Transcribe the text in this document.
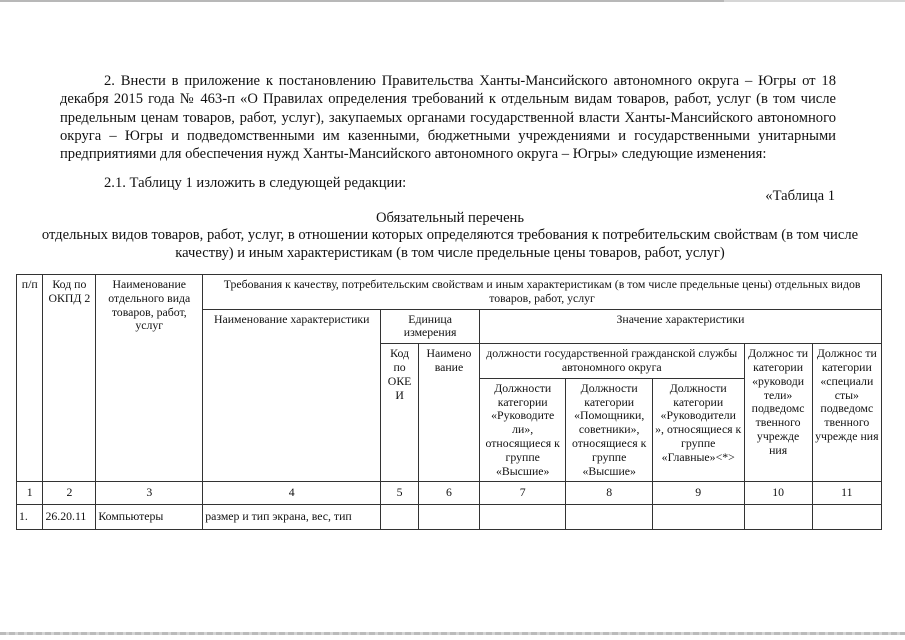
2. Внести в приложение к постановлению Правительства Ханты-Мансийского автономного округа – Югры от 18 декабря 2015 года № 463-п «О Правилах определения требований к отдельным видам товаров, работ, услуг (в том числе предельным ценам товаров, работ, услуг), закупаемых органами государственной власти Ханты-Мансийского автономного округа – Югры и подведомственными им казенными, бюджетными учреждениями и государственными унитарными предприятиями для обеспечения нужд Ханты-Мансийского автономного округа – Югры» следующие изменения:
2.1. Таблицу 1 изложить в следующей редакции:
«Таблица 1
Обязательный перечень
отдельных видов товаров, работ, услуг, в отношении которых определяются требования к потребительским свойствам (в том числе качеству) и иным характеристикам (в том числе предельные цены товаров, работ, услуг)
п/п	Код по ОКПД 2	Наименование отдельного вида товаров, работ, услуг	Требования к качеству, потребительским свойствам и иным характеристикам (в том числе предельные цены) отдельных видов товаров, работ, услуг							
			Наименование характеристики	Единица измерения		Значение характеристики				
				Код по ОКЕ И	Наимено вание	должности государственной гражданской службы автономного округа			Должнос ти категории «руководи тели» подведомс твенного учрежде ния	Должнос ти категории «специали сты» подведомс твенного учрежде ния
						Должности категории «Руководите ли», относящиеся к группе «Высшие»	Должности категории «Помощники, советники», относящиеся к группе «Высшие»	Должности категории «Руководители », относящиеся к группе «Главные»<*>		
1	2	3	4	5	6	7	8	9	10	11
1.	26.20.11	Компьютеры	размер и тип экрана, вес, тип							
